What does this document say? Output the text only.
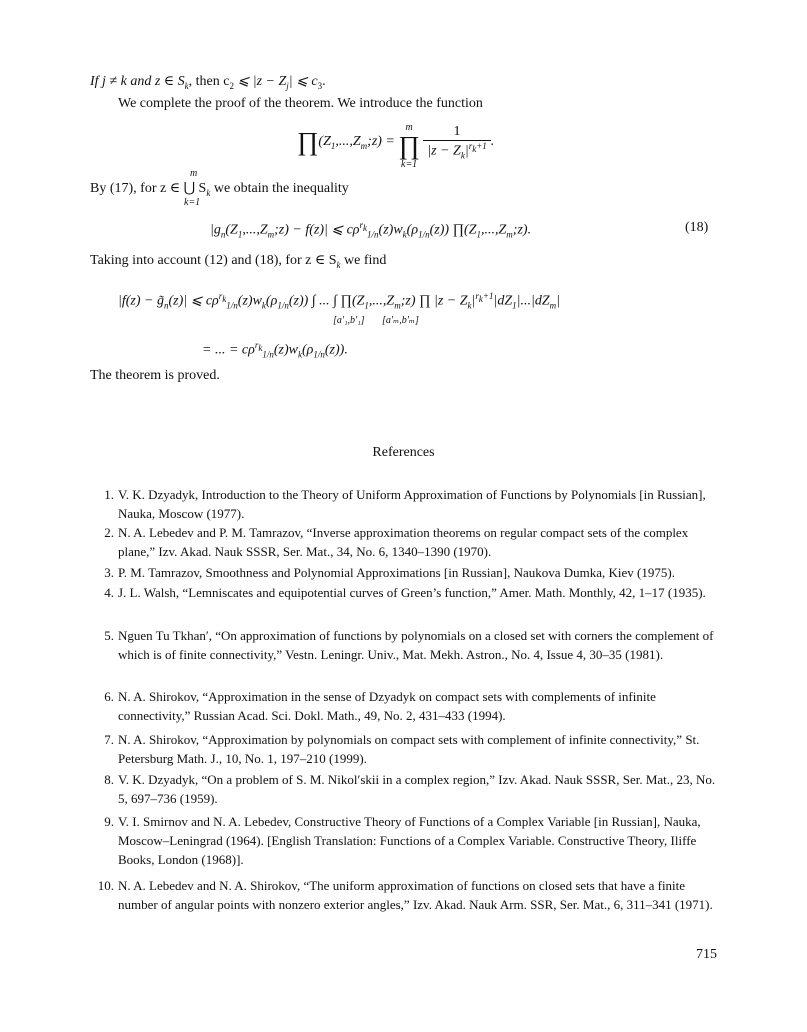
If j ≠ k and z ∈ $S_k$, then $c_2$ ⩽ $|z - Z_j|$ ⩽ $c_3$.
We complete the proof of the theorem. We introduce the function
$\prod(Z_1,...,Z_m;z)$ =
m
∏
k=1

$\frac{1}{|z - Z_k|^{r_k+1}}$ .
By (17), for z ∈ ⋃ $S_k$ we obtain the inequality
m
k=1
$|g_n(Z_1,...,Z_m;z) - f(z)|$ ⩽ $c\rho^{r_k}_{1/n}(z)w_k(\rho_{1/n}(z))$ $\prod(Z_1,...,Z_m;z)$.	(18)
Taking into account (12) and (18), for z ∈ $S_k$ we find
$|f(z) - g̃_n(z)|$ ⩽ $c\rho^{r_k}_{1/n}(z)w_k(\rho_{1/n}(z))$ ∫ ... ∫ $\prod(Z_1,...,Z_m;z)$ ∏ $|z - Z_k|^{r_k+1}|dZ_1|...|dZ_m|$
[a′₁,b′₁] [a′ₘ,b′ₘ]
= ... = $c\rho^{r_k}_{1/n}(z)w_k(\rho_{1/n}(z))$.
The theorem is proved.
References
1. V. K. Dzyadyk, Introduction to the Theory of Uniform Approximation of Functions by Polynomials [in Russian], Nauka, Moscow (1977).
2. N. A. Lebedev and P. M. Tamrazov, “Inverse approximation theorems on regular compact sets of the complex plane,” Izv. Akad. Nauk SSSR, Ser. Mat., 34, No. 6, 1340–1390 (1970).
3. P. M. Tamrazov, Smoothness and Polynomial Approximations [in Russian], Naukova Dumka, Kiev (1975).
4. J. L. Walsh, “Lemniscates and equipotential curves of Green’s function,” Amer. Math. Monthly, 42, 1–17 (1935).
5. Nguen Tu Tkhan′, “On approximation of functions by polynomials on a closed set with corners the complement of which is of finite connectivity,” Vestn. Leningr. Univ., Mat. Mekh. Astron., No. 4, Issue 4, 30–35 (1981).
6. N. A. Shirokov, “Approximation in the sense of Dzyadyk on compact sets with complements of infinite connectivity,” Russian Acad. Sci. Dokl. Math., 49, No. 2, 431–433 (1994).
7. N. A. Shirokov, “Approximation by polynomials on compact sets with complement of infinite connectivity,” St. Petersburg Math. J., 10, No. 1, 197–210 (1999).
8. V. K. Dzyadyk, “On a problem of S. M. Nikol′skii in a complex region,” Izv. Akad. Nauk SSSR, Ser. Mat., 23, No. 5, 697–736 (1959).
9. V. I. Smirnov and N. A. Lebedev, Constructive Theory of Functions of a Complex Variable [in Russian], Nauka, Moscow–Leningrad (1964). [English Translation: Functions of a Complex Variable. Constructive Theory, Iliffe Books, London (1968)].
10. N. A. Lebedev and N. A. Shirokov, “The uniform approximation of functions on closed sets that have a finite number of angular points with nonzero exterior angles,” Izv. Akad. Nauk Arm. SSR, Ser. Mat., 6, 311–341 (1971).
715
